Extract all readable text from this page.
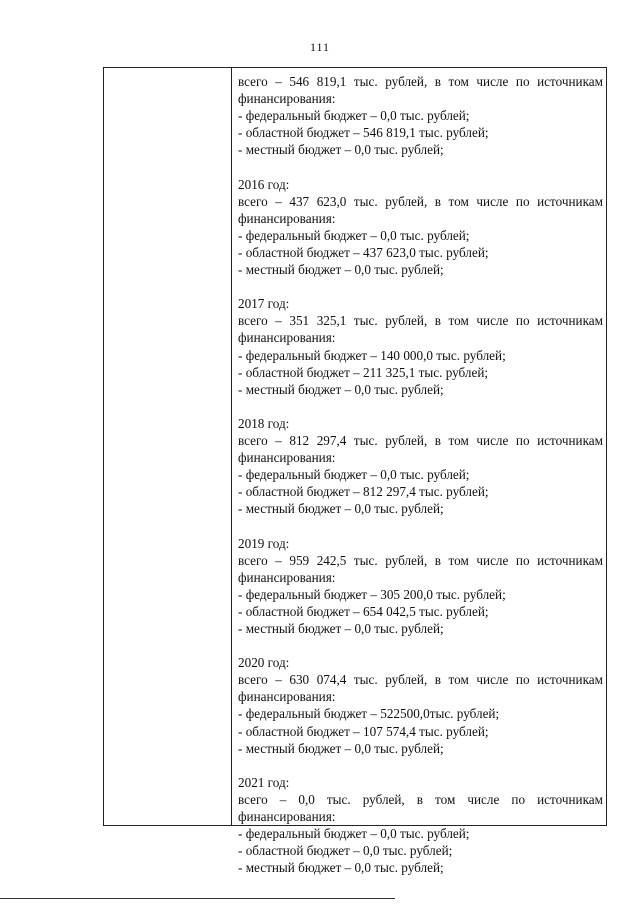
111
всего – 546 819,1 тыс. рублей, в том числе по источникам
финансирования:
- федеральный бюджет – 0,0 тыс. рублей;
- областной бюджет – 546 819,1 тыс. рублей;
- местный бюджет – 0,0 тыс. рублей;
2016 год:
всего – 437 623,0 тыс. рублей, в том числе по источникам
финансирования:
- федеральный бюджет – 0,0 тыс. рублей;
- областной бюджет – 437 623,0 тыс. рублей;
- местный бюджет – 0,0 тыс. рублей;
2017 год:
всего – 351 325,1 тыс. рублей, в том числе по источникам
финансирования:
- федеральный бюджет – 140 000,0 тыс. рублей;
- областной бюджет – 211 325,1 тыс. рублей;
- местный бюджет – 0,0 тыс. рублей;
2018 год:
всего – 812 297,4 тыс. рублей, в том числе по источникам
финансирования:
- федеральный бюджет – 0,0 тыс. рублей;
- областной бюджет – 812 297,4 тыс. рублей;
- местный бюджет – 0,0 тыс. рублей;
2019 год:
всего – 959 242,5 тыс. рублей, в том числе по источникам
финансирования:
- федеральный бюджет – 305 200,0 тыс. рублей;
- областной бюджет – 654 042,5 тыс. рублей;
- местный бюджет – 0,0 тыс. рублей;
2020 год:
всего – 630 074,4 тыс. рублей, в том числе по источникам
финансирования:
- федеральный бюджет – 522500,0тыс. рублей;
- областной бюджет – 107 574,4 тыс. рублей;
- местный бюджет – 0,0 тыс. рублей;
2021 год:
всего – 0,0 тыс. рублей, в том числе по источникам
финансирования:
- федеральный бюджет – 0,0 тыс. рублей;
- областной бюджет – 0,0 тыс. рублей;
- местный бюджет – 0,0 тыс. рублей;
